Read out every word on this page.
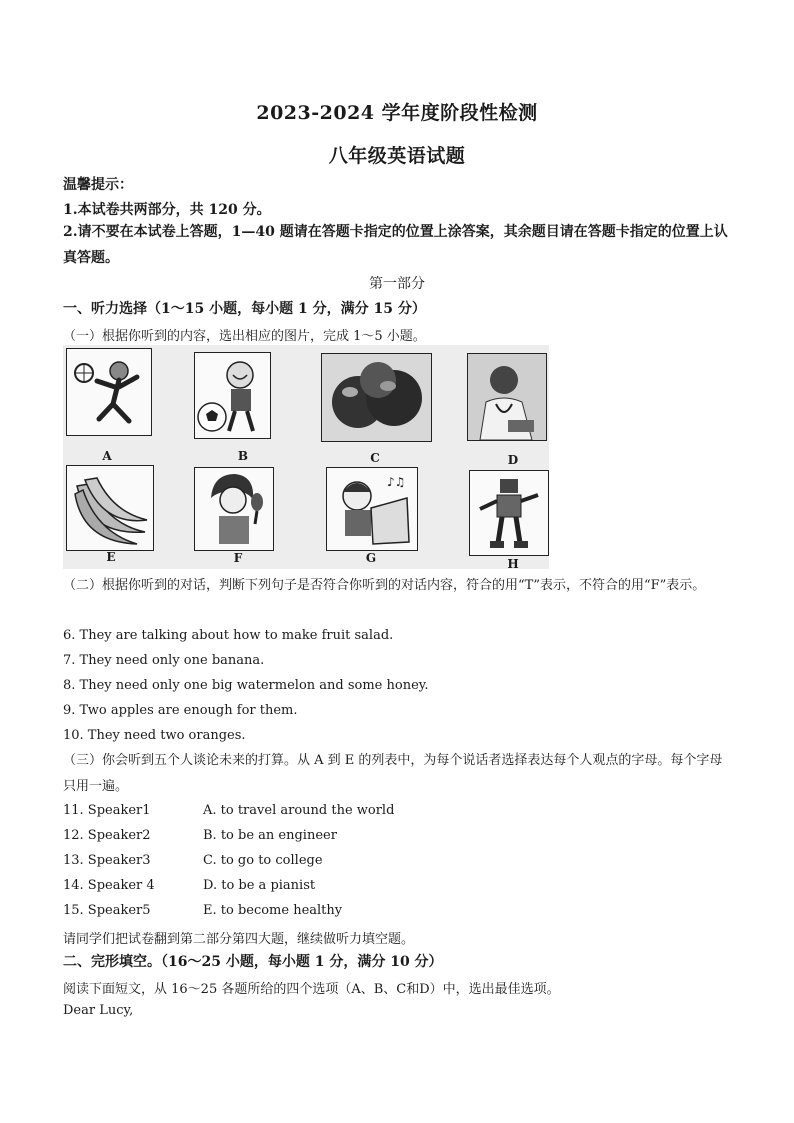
2023-2024 学年度阶段性检测
八年级英语试题
温馨提示：
1.本试卷共两部分，共 120 分。
2.请不要在本试卷上答题，1—40 题请在答题卡指定的位置上涂答案，其余题目请在答题卡指定的位置上认真答题。
第一部分
一、听力选择（1～15 小题，每小题 1 分，满分 15 分）
（一）根据你听到的内容，选出相应的图片，完成 1～5 小题。
A	B	C	D
E	F
♪♫
G	H
（二）根据你听到的对话，判断下列句子是否符合你听到的对话内容，符合的用“T”表示，不符合的用“F”表示。
6. They are talking about how to make fruit salad.
7. They need only one banana.
8. They need only one big watermelon and some honey.
9. Two apples are enough for them.
10. They need two oranges.
（三）你会听到五个人谈论未来的打算。从 A 到 E 的列表中，为每个说话者选择表达每个人观点的字母。每个字母只用一遍。
11. Speaker1	A. to travel around the world
12. Speaker2	B. to be an engineer
13. Speaker3	C. to go to college
14. Speaker 4	D. to be a pianist
15. Speaker5	E. to become healthy
请同学们把试卷翻到第二部分第四大题，继续做听力填空题。
二、完形填空。（16～25 小题，每小题 1 分，满分 10 分）
阅读下面短文，从 16～25 各题所给的四个选项（A、B、C和D）中，选出最佳选项。
Dear Lucy,
